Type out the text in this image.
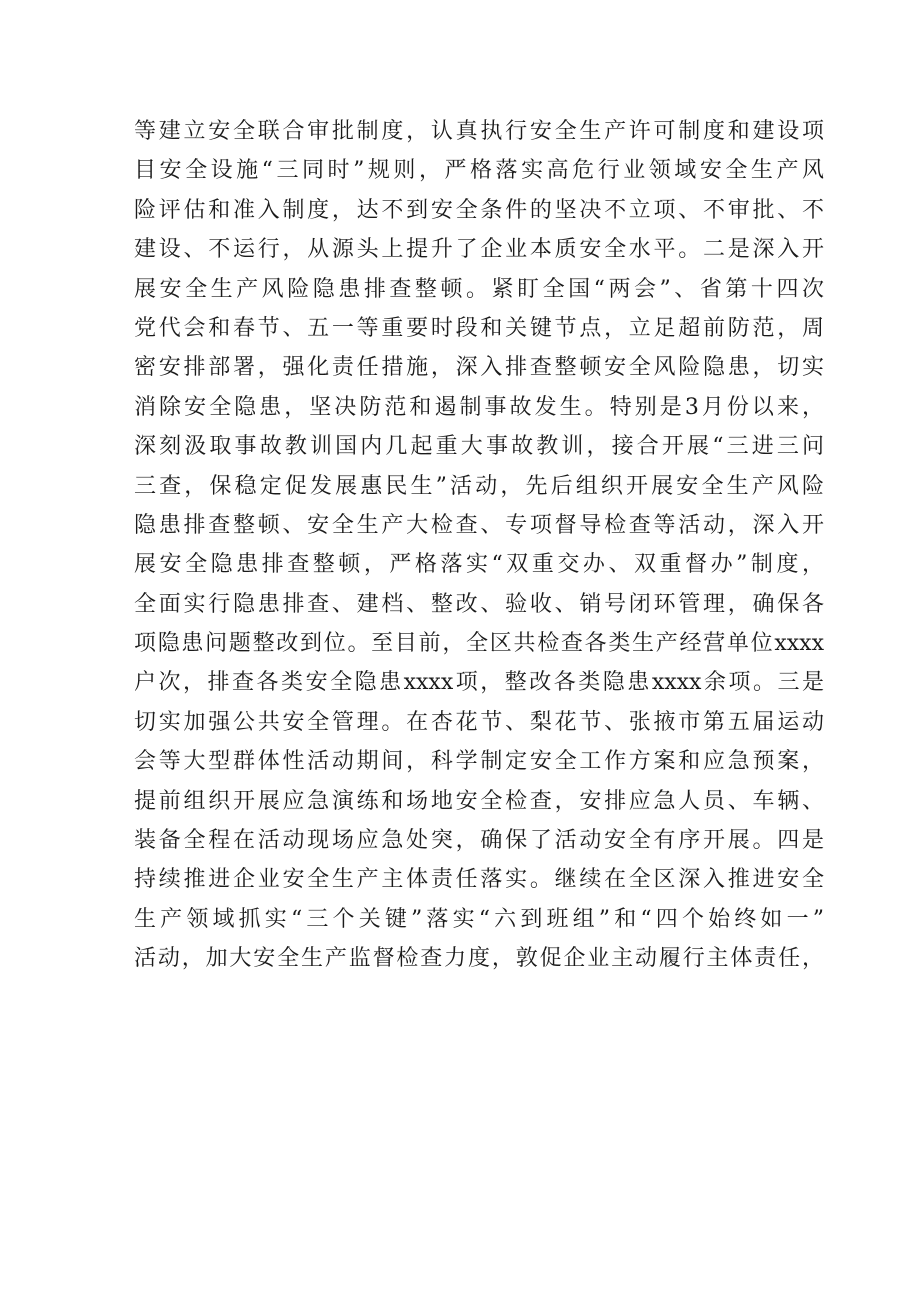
等建立安全联合审批制度，认真执行安全生产许可制度和建设项
目安全设施“三同时”规则，严格落实高危行业领域安全生产风
险评估和准入制度，达不到安全条件的坚决不立项、不审批、不
建设、不运行，从源头上提升了企业本质安全水平。二是深入开
展安全生产风险隐患排查整顿。紧盯全国“两会”、省第十四次
党代会和春节、五一等重要时段和关键节点，立足超前防范，周
密安排部署，强化责任措施，深入排查整顿安全风险隐患，切实
消除安全隐患，坚决防范和遏制事故发生。特别是3月份以来，
深刻汲取事故教训国内几起重大事故教训，接合开展“三进三问
三查，保稳定促发展惠民生”活动，先后组织开展安全生产风险
隐患排查整顿、安全生产大检查、专项督导检查等活动，深入开
展安全隐患排查整顿，严格落实“双重交办、双重督办”制度，
全面实行隐患排查、建档、整改、验收、销号闭环管理，确保各
项隐患问题整改到位。至目前，全区共检查各类生产经营单位xxxx
户次，排查各类安全隐患xxxx项，整改各类隐患xxxx余项。三是
切实加强公共安全管理。在杏花节、梨花节、张掖市第五届运动
会等大型群体性活动期间，科学制定安全工作方案和应急预案，
提前组织开展应急演练和场地安全检查，安排应急人员、车辆、
装备全程在活动现场应急处突，确保了活动安全有序开展。四是
持续推进企业安全生产主体责任落实。继续在全区深入推进安全
生产领域抓实“三个关键”落实“六到班组”和“四个始终如一”
活动，加大安全生产监督检查力度，敦促企业主动履行主体责任，
